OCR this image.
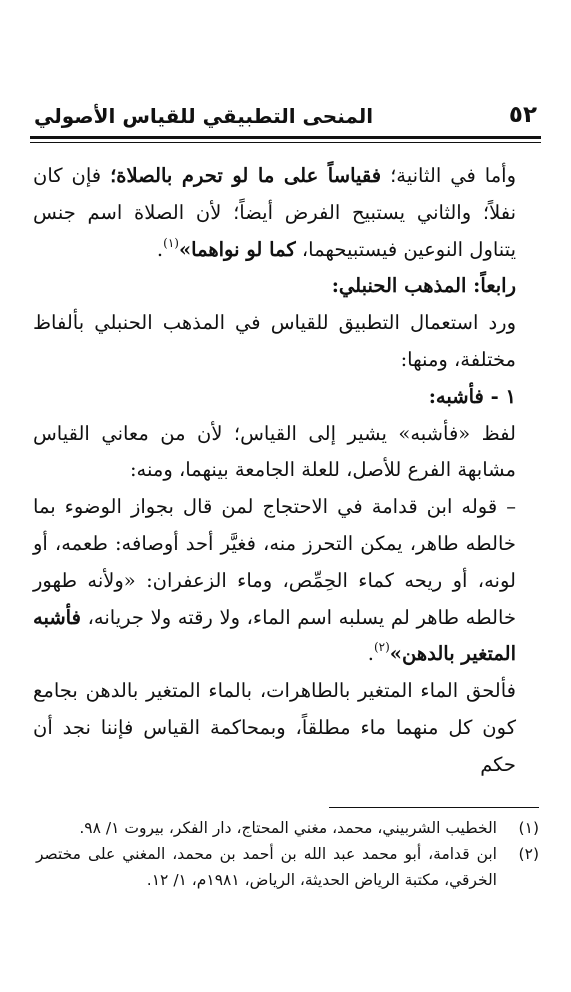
٥٢
المنحى التطبيقي للقياس الأصولي

وأما في الثانية؛ فقياساً على ما لو تحرم بالصلاة؛ فإن كان نفلاً؛ والثاني يستبيح الفرض أيضاً؛ لأن الصلاة اسم جنس يتناول النوعين فيستبيحهما، كما لو نواهما»$^{(١)}$.

رابعاً: المذهب الحنبلي:

ورد استعمال التطبيق للقياس في المذهب الحنبلي بألفاظ مختلفة، ومنها:

١ - فأشبه:

لفظ «فأشبه» يشير إلى القياس؛ لأن من معاني القياس مشابهة الفرع للأصل، للعلة الجامعة بينهما، ومنه:

– قوله ابن قدامة في الاحتجاج لمن قال بجواز الوضوء بما خالطه طاهر، يمكن التحرز منه، فغيَّر أحد أوصافه: طعمه، أو لونه، أو ريحه كماء الحِمِّص، وماء الزعفران: «ولأنه طهور خالطه طاهر لم يسلبه اسم الماء، ولا رقته ولا جريانه، فأشبه المتغير بالدهن»$^{(٢)}$.

فألحق الماء المتغير بالطاهرات، بالماء المتغير بالدهن بجامع كون كل منهما ماء مطلقاً، وبمحاكمة القياس فإننا نجد أن حكم

(١)
الخطيب الشربيني، محمد، مغني المحتاج، دار الفكر، بيروت ١/ ٩٨.
(٢)
ابن قدامة، أبو محمد عبد الله بن أحمد بن محمد، المغني على مختصر الخرقي، مكتبة الرياض الحديثة، الرياض، ١٩٨١م، ١/ ١٢.
